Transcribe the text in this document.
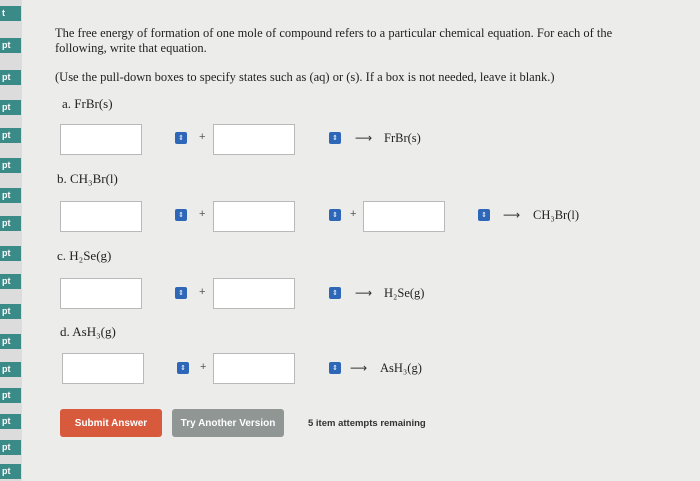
t
pt
pt
pt
pt
pt
pt
pt
pt
pt
pt
pt
pt
pt
pt
pt
pt
The free energy of formation of one mole of compound refers to a particular chemical equation. For each of the following, write that equation.
(Use the pull-down boxes to specify states such as (aq) or (s). If a box is not needed, leave it blank.)
a. FrBr(s)
⇕ +	⇕ ⟶ FrBr(s)
b. CH₃Br(l)
⇕ +	⇕ +	⇕ ⟶ CH₃Br(l)
c. H₂Se(g)
⇕ +	⇕ ⟶ H₂Se(g)
d. AsH₃(g)
⇕ +	⇕ ⟶ AsH₃(g)
Submit Answer	Try Another Version	5 item attempts remaining
